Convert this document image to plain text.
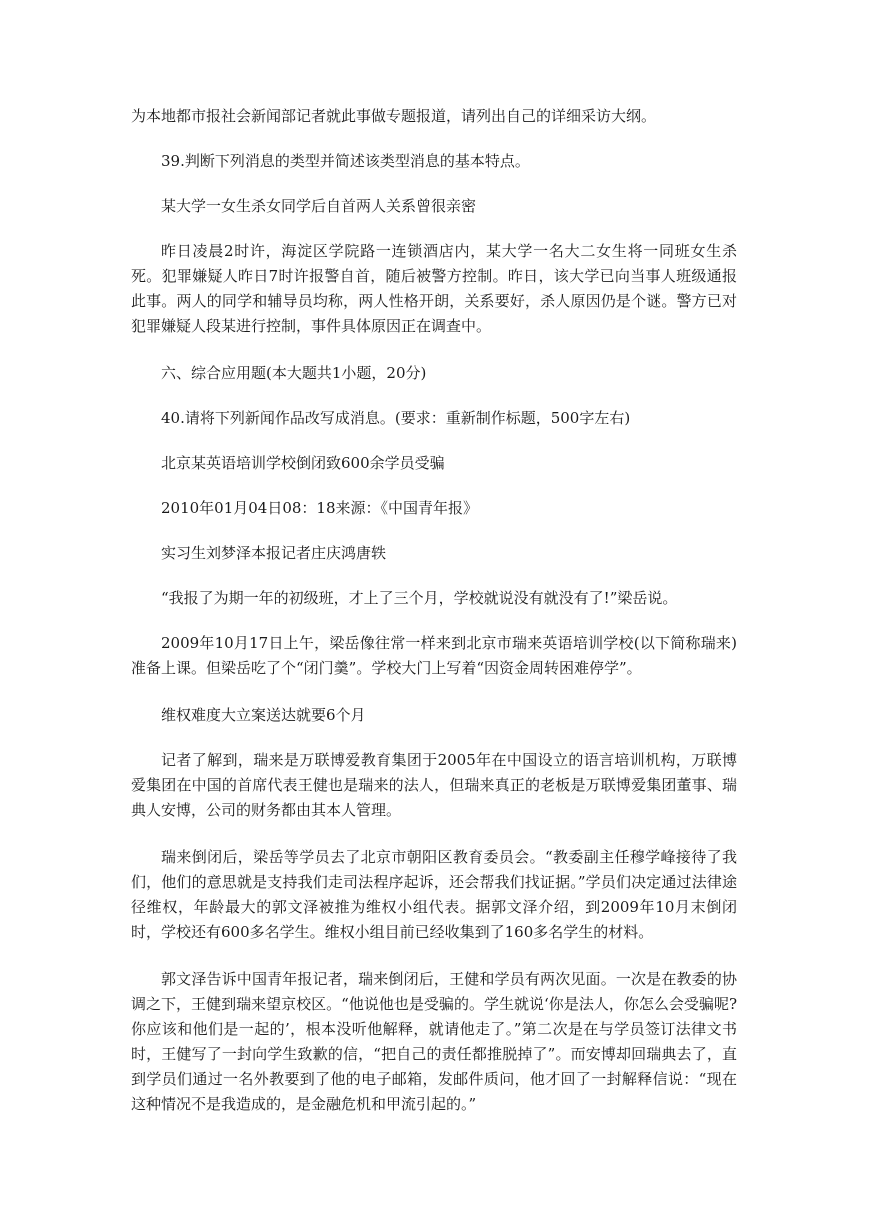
为本地都市报社会新闻部记者就此事做专题报道，请列出自己的详细采访大纲。

39.判断下列消息的类型并简述该类型消息的基本特点。

某大学一女生杀女同学后自首两人关系曾很亲密

昨日凌晨2时许，海淀区学院路一连锁酒店内，某大学一名大二女生将一同班女生杀死。犯罪嫌疑人昨日7时许报警自首，随后被警方控制。昨日，该大学已向当事人班级通报此事。两人的同学和辅导员均称，两人性格开朗，关系要好，杀人原因仍是个谜。警方已对犯罪嫌疑人段某进行控制，事件具体原因正在调查中。

六、综合应用题(本大题共1小题，20分)

40.请将下列新闻作品改写成消息。(要求：重新制作标题，500字左右)

北京某英语培训学校倒闭致600余学员受骗

2010年01月04日08：18来源：《中国青年报》

实习生刘梦泽本报记者庄庆鸿唐轶

“我报了为期一年的初级班，才上了三个月，学校就说没有就没有了!”梁岳说。

2009年10月17日上午，梁岳像往常一样来到北京市瑞来英语培训学校(以下简称瑞来)准备上课。但梁岳吃了个“闭门羹”。学校大门上写着“因资金周转困难停学”。

维权难度大立案送达就要6个月

记者了解到，瑞来是万联博爱教育集团于2005年在中国设立的语言培训机构，万联博爱集团在中国的首席代表王健也是瑞来的法人，但瑞来真正的老板是万联博爱集团董事、瑞典人安博，公司的财务都由其本人管理。

瑞来倒闭后，梁岳等学员去了北京市朝阳区教育委员会。“教委副主任穆学峰接待了我们，他们的意思就是支持我们走司法程序起诉，还会帮我们找证据。”学员们决定通过法律途径维权，年龄最大的郭文泽被推为维权小组代表。据郭文泽介绍，到2009年10月末倒闭时，学校还有600多名学生。维权小组目前已经收集到了160多名学生的材料。

郭文泽告诉中国青年报记者，瑞来倒闭后，王健和学员有两次见面。一次是在教委的协调之下，王健到瑞来望京校区。“他说他也是受骗的。学生就说‘你是法人，你怎么会受骗呢?你应该和他们是一起的’，根本没听他解释，就请他走了。”第二次是在与学员签订法律文书时，王健写了一封向学生致歉的信，“把自己的责任都推脱掉了”。而安博却回瑞典去了，直到学员们通过一名外教要到了他的电子邮箱，发邮件质问，他才回了一封解释信说：“现在这种情况不是我造成的，是金融危机和甲流引起的。”
